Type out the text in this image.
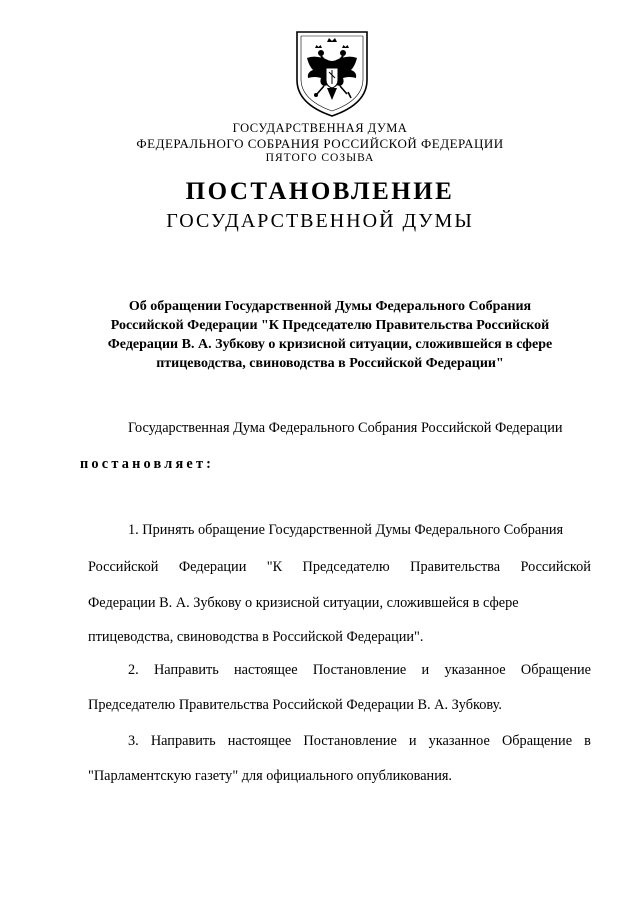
ГОСУДАРСТВЕННАЯ ДУМА
ФЕДЕРАЛЬНОГО СОБРАНИЯ РОССИЙСКОЙ ФЕДЕРАЦИИ
ПЯТОГО СОЗЫВА
ПОСТАНОВЛЕНИЕ
ГОСУДАРСТВЕННОЙ ДУМЫ
Об обращении Государственной Думы Федерального Собрания
Российской Федерации "К Председателю Правительства Российской
Федерации В. А. Зубкову о кризисной ситуации, сложившейся в сфере
птицеводства, свиноводства в Российской Федерации"
Государственная Дума Федерального Собрания Российской Федерации
постановляет:
1. Принять обращение Государственной Думы Федерального Собрания
Российской Федерации "К Председателю Правительства Российской
Федерации В. А. Зубкову о кризисной ситуации, сложившейся в сфере
птицеводства, свиноводства в Российской Федерации".
2. Направить настоящее Постановление и указанное Обращение
Председателю Правительства Российской Федерации В. А. Зубкову.
3. Направить настоящее Постановление и указанное Обращение в
"Парламентскую газету" для официального опубликования.
